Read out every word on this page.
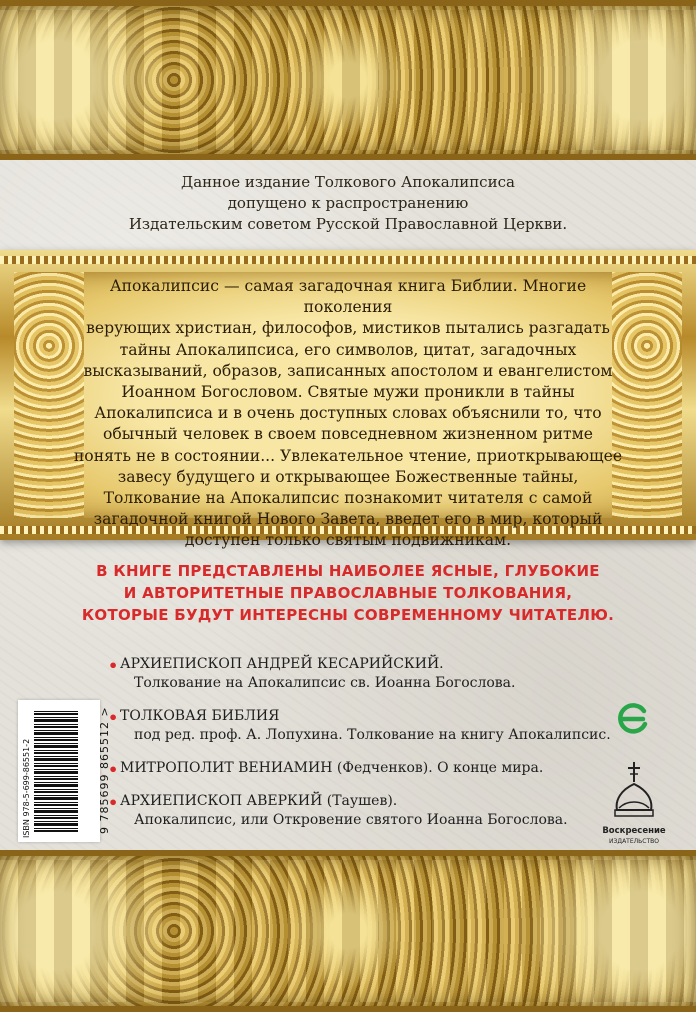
Данное издание Толкового Апокалипсиса
допущено к распространению
Издательским советом Русской Православной Церкви.
Апокалипсис — самая загадочная книга Библии. Многие поколения
верующих христиан, философов, мистиков пытались разгадать
тайны Апокалипсиса, его символов, цитат, загадочных
высказываний, образов, записанных апостолом и евангелистом
Иоанном Богословом. Святые мужи проникли в тайны
Апокалипсиса и в очень доступных словах объяснили то, что
обычный человек в своем повседневном жизненном ритме
понять не в состоянии... Увлекательное чтение, приоткрывающее
завесу будущего и открывающее Божественные тайны,
Толкование на Апокалипсис познакомит читателя с самой
загадочной книгой Нового Завета, введет его в мир, который
доступен только святым подвижникам.
В КНИГЕ ПРЕДСТАВЛЕНЫ НАИБОЛЕЕ ЯСНЫЕ, ГЛУБОКИЕ
И АВТОРИТЕТНЫЕ ПРАВОСЛАВНЫЕ ТОЛКОВАНИЯ,
КОТОРЫЕ БУДУТ ИНТЕРЕСНЫ СОВРЕМЕННОМУ ЧИТАТЕЛЮ.
• АРХИЕПИСКОП АНДРЕЙ КЕСАРИЙСКИЙ.
Толкование на Апокалипсис св. Иоанна Богослова.
• ТОЛКОВАЯ БИБЛИЯ
под ред. проф. А. Лопухина. Толкование на книгу Апокалипсис.
• МИТРОПОЛИТ ВЕНИАМИН (Федченков). О конце мира.
• АРХИЕПИСКОП АВЕРКИЙ (Таушев).
Апокалипсис, или Откровение святого Иоанна Богослова.
ISBN 978-5-699-86551-2	9 785699 865512 >	Воскресение
ИЗДАТЕЛЬСТВО
